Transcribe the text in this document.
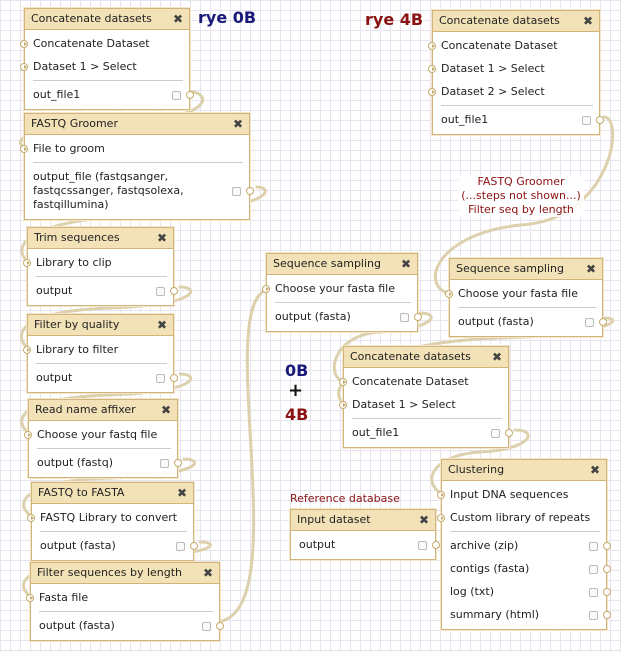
rye 0B	rye 4B
0B
+
4B
Reference database
FASTQ Groomer
(...steps not shown...)
Filter seq by length
Concatenate datasets ✖
Concatenate Dataset
Dataset 1 > Select
out_file1
FASTQ Groomer	✖
File to groom
output_file (fastqsanger, fastqcssanger, fastqsolexa, fastqillumina)
Trim sequences	✖
Library to clip
output
Filter by quality	✖
Library to filter
output
Read name affixer ✖
Choose your fastq file
output (fastq)
FASTQ to FASTA	✖
FASTQ Library to convert
output (fasta)
Filter sequences by length ✖
Fasta file
output (fasta)
Concatenate datasets ✖
Concatenate Dataset
Dataset 1 > Select
Dataset 2 > Select
out_file1
Sequence sampling ✖
Choose your fasta file
output (fasta)
Sequence sampling ✖
Choose your fasta file
output (fasta)
Concatenate datasets ✖
Concatenate Dataset
Dataset 1 > Select
out_file1
Input dataset	✖
output
Clustering	✖
Input DNA sequences
Custom library of repeats
archive (zip)
contigs (fasta)
log (txt)
summary (html)
